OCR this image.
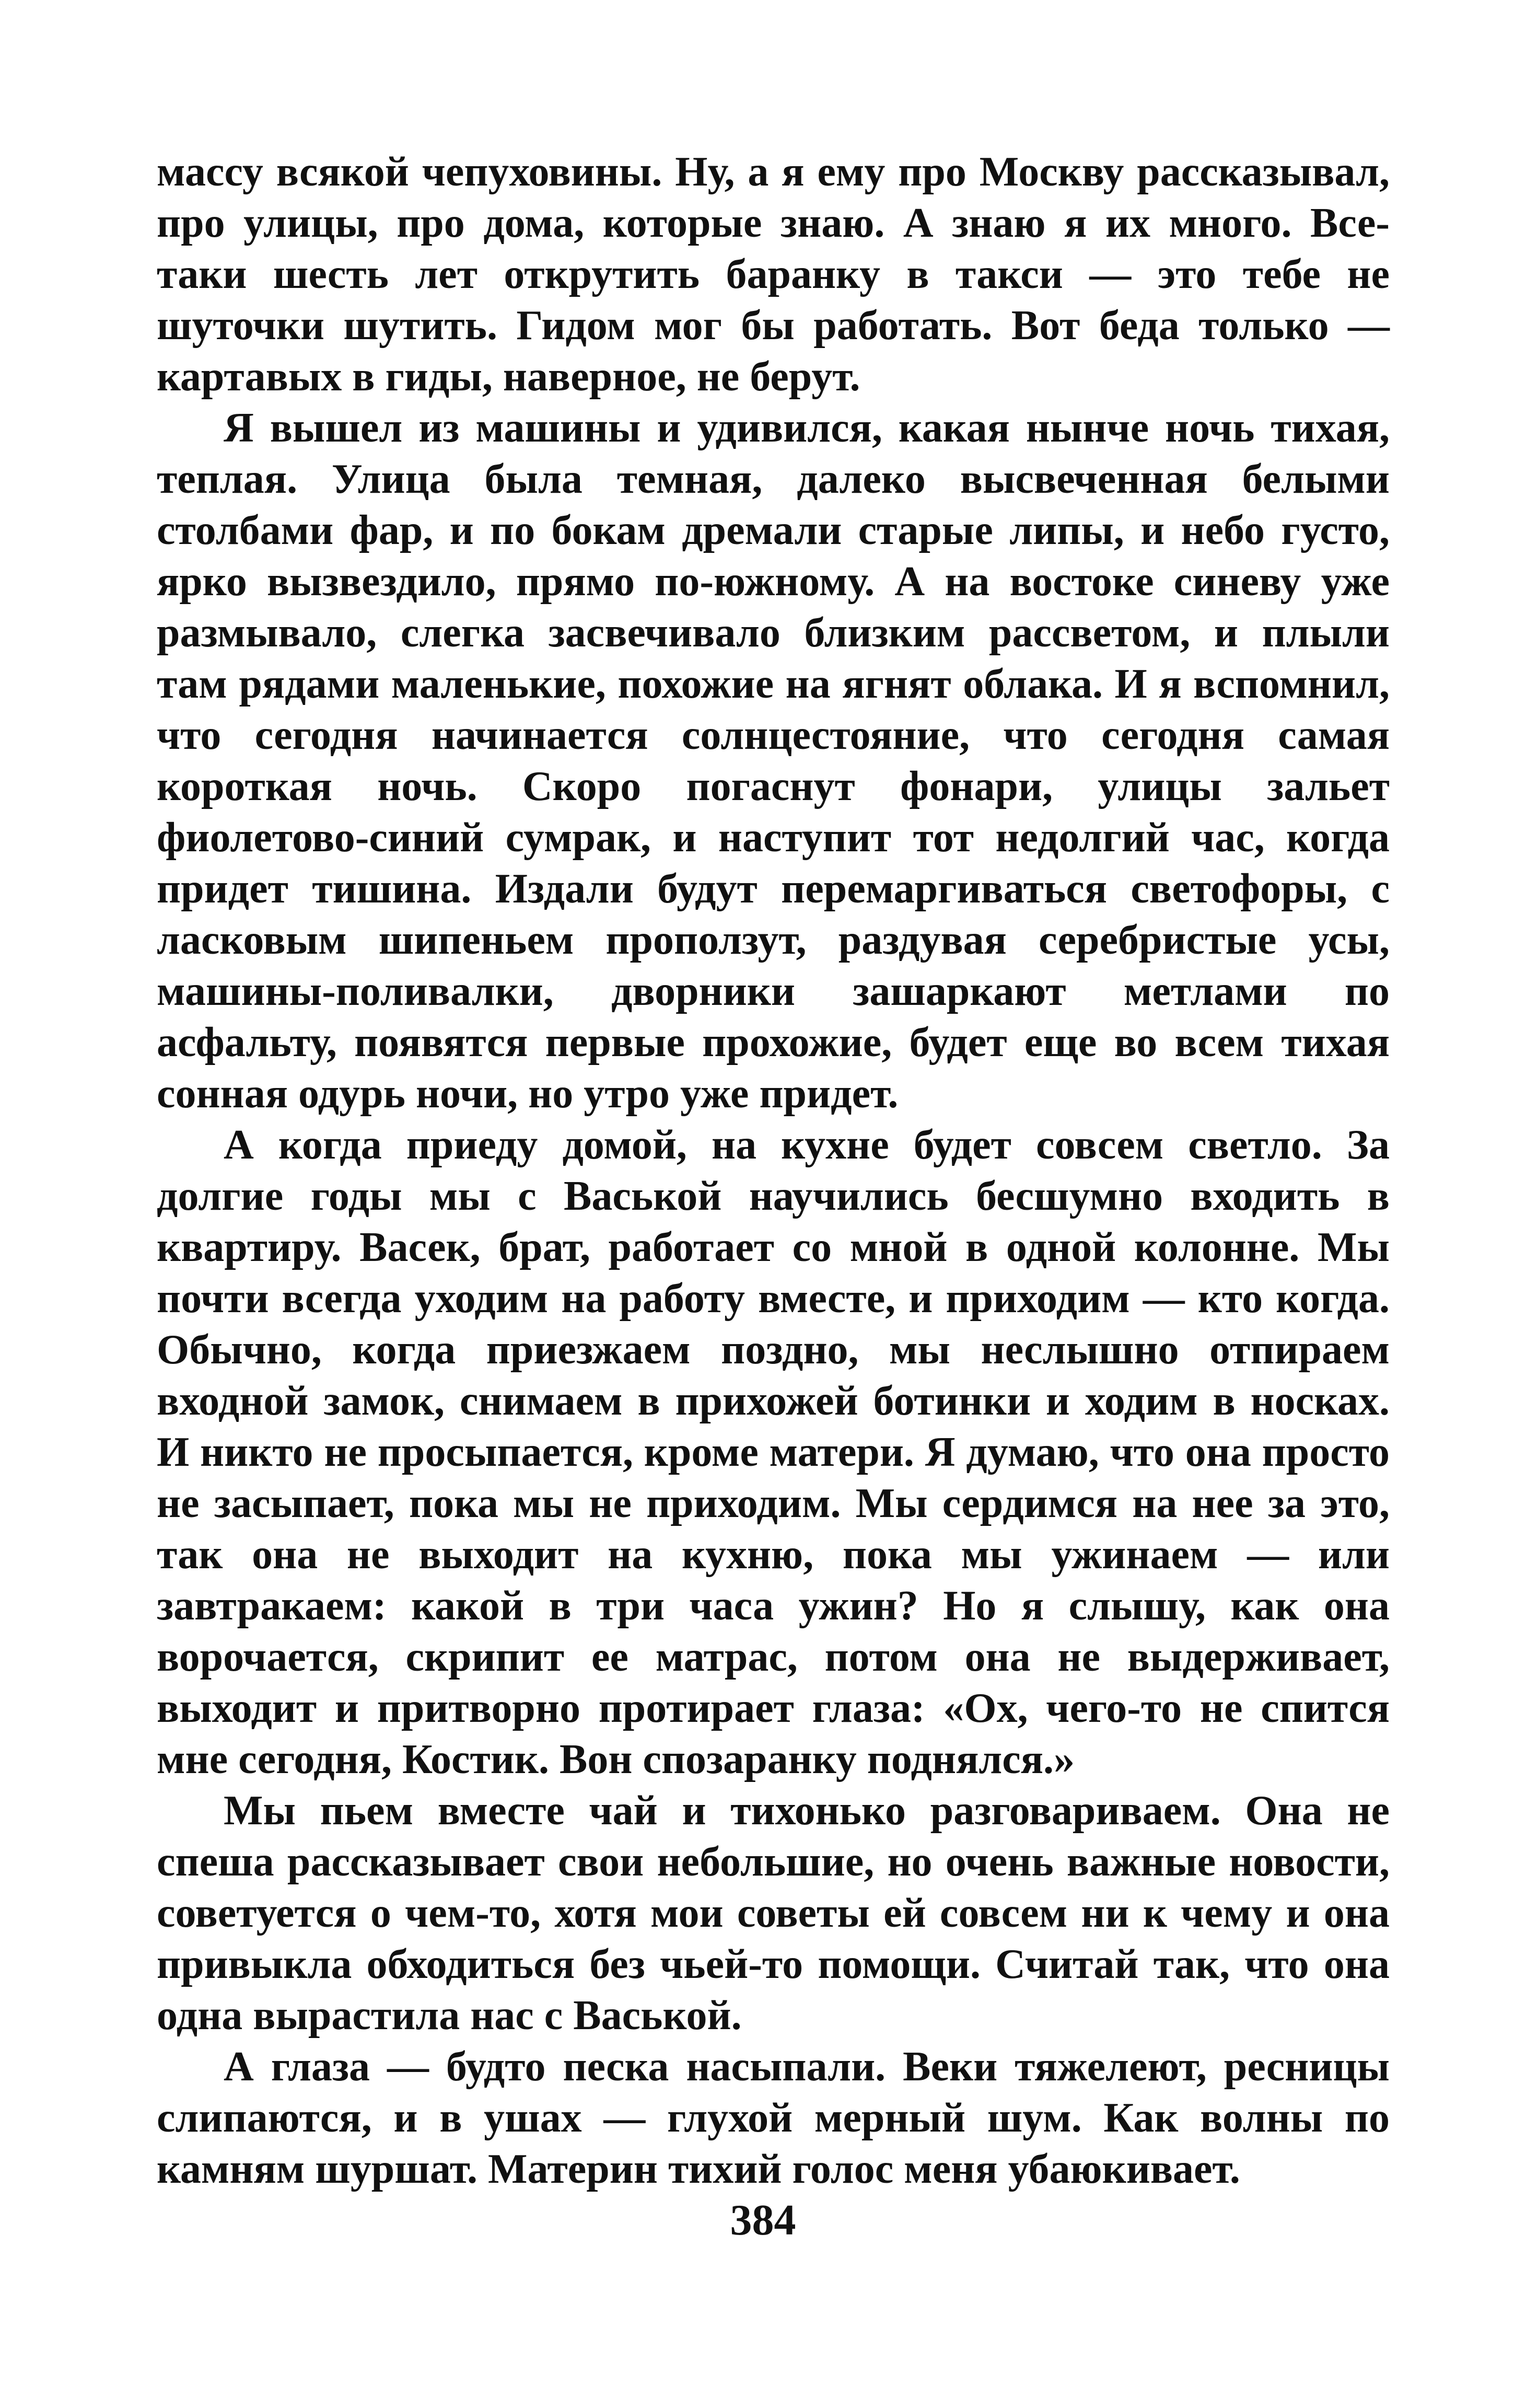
массу всякой чепуховины. Ну, а я ему про Москву рассказывал, про улицы, про дома, которые знаю. А знаю я их много. Все-таки шесть лет открутить баранку в такси — это тебе не шуточки шутить. Гидом мог бы работать. Вот беда только — картавых в гиды, наверное, не берут.

Я вышел из машины и удивился, какая нынче ночь тихая, теплая. Улица была темная, далеко высвеченная белыми столбами фар, и по бокам дремали старые липы, и небо густо, ярко вызвездило, прямо по-южному. А на востоке синеву уже размывало, слегка засвечивало близким рассветом, и плыли там рядами маленькие, похожие на ягнят облака. И я вспомнил, что сегодня начинается солнцестояние, что сегодня самая короткая ночь. Скоро погаснут фонари, улицы зальет фиолетово-синий сумрак, и наступит тот недолгий час, когда придет тишина. Издали будут перемаргиваться светофоры, с ласковым шипеньем проползут, раздувая серебристые усы, машины-поливалки, дворники зашаркают метлами по асфальту, появятся первые прохожие, будет еще во всем тихая сонная одурь ночи, но утро уже придет.

А когда приеду домой, на кухне будет совсем светло. За долгие годы мы с Васькой научились бесшумно входить в квартиру. Васек, брат, работает со мной в одной колонне. Мы почти всегда уходим на работу вместе, и приходим — кто когда. Обычно, когда приезжаем поздно, мы неслышно отпираем входной замок, снимаем в прихожей ботинки и ходим в носках. И никто не просыпается, кроме матери. Я думаю, что она просто не засыпает, пока мы не приходим. Мы сердимся на нее за это, так она не выходит на кухню, пока мы ужинаем — или завтракаем: какой в три часа ужин? Но я слышу, как она ворочается, скрипит ее матрас, потом она не выдерживает, выходит и притворно протирает глаза: «Ох, чего-то не спится мне сегодня, Костик. Вон спозаранку поднялся.»

Мы пьем вместе чай и тихонько разговариваем. Она не спеша рассказывает свои небольшие, но очень важные новости, советуется о чем-то, хотя мои советы ей совсем ни к чему и она привыкла обходиться без чьей-то помощи. Считай так, что она одна вырастила нас с Васькой.

А глаза — будто песка насыпали. Веки тяжелеют, ресницы слипаются, и в ушах — глухой мерный шум. Как волны по камням шуршат. Материн тихий голос меня убаюкивает.

384
